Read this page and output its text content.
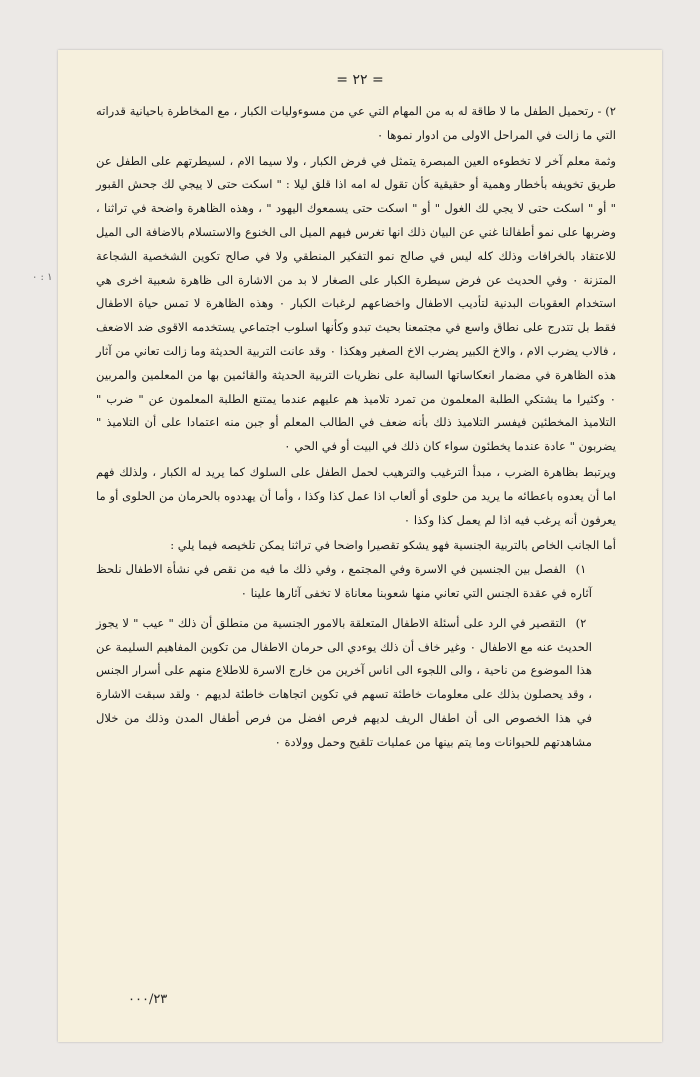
١ : ٠
= ٢٢ =

٢) - رتحميل الطفل ما لا طاقة له به من المهام التي عي من مسوءوليات الكبار ، مع المخاطرة باحيانية قدراته التي ما زالت في المراحل الاولى من ادوار نموها ٠

وثمة معلم آخر لا تخطوءه العين المبصرة يتمثل في فرض الكبار ، ولا سيما الام ، لسيطرتهم على الطفل عن طريق تخويفه بأخطار وهمية أو حقيقية كأن تقول له امه اذا قلق ليلا : " اسكت حتى لا ييجي لك جحش القبور " أو " اسكت حتى لا يجي لك الغول " أو " اسكت حتى يسمعوك اليهود " ، وهذه الظاهرة واضحة في تراثنا ، وضربها على نمو أطفالنا غني عن البيان ذلك انها تغرس فيهم الميل الى الخنوع والاستسلام بالاضافة الى الميل للاعتقاد بالخرافات وذلك كله ليس في صالح نمو التفكير المنطقي ولا في صالح تكوين الشخصية الشجاعة المتزنة ٠ وفي الحديث عن فرض سيطرة الكبار على الصغار لا بد من الاشارة الى ظاهرة شعبية اخرى هي استخدام العقوبات البدنية لتأديب الاطفال واخضاعهم لرغبات الكبار ٠ وهذه الظاهرة لا تمس حياة الاطفال فقط بل تتدرج على نطاق واسع في مجتمعنا بحيث تبدو وكأنها اسلوب اجتماعي يستخدمه الاقوى ضد الاضعف ، فالاب يضرب الام ، والاخ الكبير يضرب الاخ الصغير وهكذا ٠ وقد عانت التربية الحديثة وما زالت تعاني من آثار هذه الظاهرة في مضمار انعكاساتها السالبة على نظريات التربية الحديثة والقائمين بها من المعلمين والمربين ٠ وكثيرا ما يشتكي الطلبة المعلمون من تمرد تلاميذ هم عليهم عندما يمتنع الطلبة المعلمون عن " ضرب " التلاميذ المخطئين فيفسر التلاميذ ذلك بأنه ضعف في الطالب المعلم أو جبن منه اعتمادا على أن التلاميذ " يضربون " عادة عندما يخطئون سواء كان ذلك في البيت أو في الحي ٠

ويرتبط بظاهرة الضرب ، مبدأ الترغيب والترهيب لحمل الطفل على السلوك كما يريد له الكبار ، ولذلك فهم اما أن يعدوه باعطائه ما يريد من حلوى أو ألعاب اذا عمل كذا وكذا ، وأما أن يهددوه بالحرمان من الحلوى أو ما يعرفون أنه يرغب فيه اذا لم يعمل كذا وكذا ٠

أما الجانب الخاص بالتربية الجنسية فهو يشكو تقصيرا واضحا في تراثنا يمكن تلخيصه فيما يلي :

١) الفصل بين الجنسين في الاسرة وفي المجتمع ، وفي ذلك ما فيه من نقص في نشأة الاطفال نلحظ آثاره في عقدة الجنس التي تعاني منها شعوبنا معاناة لا تخفى آثارها علينا ٠
٢) التقصير في الرد على أسئلة الاطفال المتعلقة بالامور الجنسية من منطلق أن ذلك " عيب " لا يجوز الحديث عنه مع الاطفال ٠ وغير خاف أن ذلك يوءدي الى حرمان الاطفال من تكوين المفاهيم السليمة عن هذا الموضوع من ناحية ، والى اللجوء الى اناس آخرين من خارج الاسرة للاطلاع منهم على أسرار الجنس ، وقد يحصلون بذلك على معلومات خاطئة تسهم في تكوين اتجاهات خاطئة لديهم ٠ ولقد سبقت الاشارة في هذا الخصوص الى أن اطفال الريف لديهم فرص افضل من فرص أطفال المدن وذلك من خلال مشاهدتهم للحيوانات وما يتم بينها من عمليات تلقيح وحمل وولادة ٠
٠٠٠/٢٣
